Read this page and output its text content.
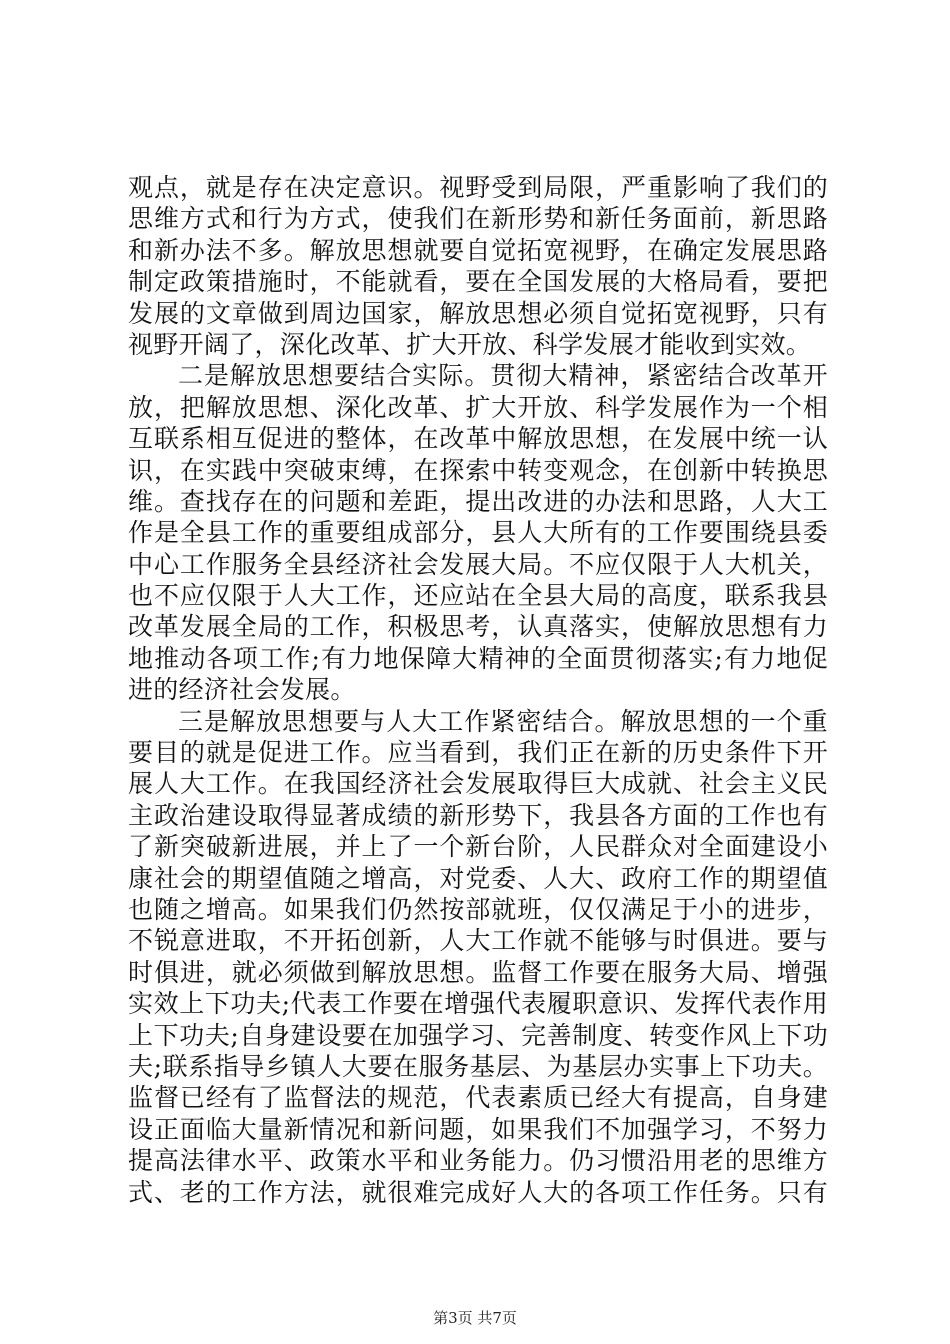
观点，就是存在决定意识。视野受到局限，严重影响了我们的
思维方式和行为方式，使我们在新形势和新任务面前，新思路
和新办法不多。解放思想就要自觉拓宽视野，在确定发展思路
制定政策措施时，不能就看，要在全国发展的大格局看，要把
发展的文章做到周边国家，解放思想必须自觉拓宽视野，只有
视野开阔了，深化改革、扩大开放、科学发展才能收到实效。
二是解放思想要结合实际。贯彻大精神，紧密结合改革开
放，把解放思想、深化改革、扩大开放、科学发展作为一个相
互联系相互促进的整体，在改革中解放思想，在发展中统一认
识，在实践中突破束缚，在探索中转变观念，在创新中转换思
维。查找存在的问题和差距，提出改进的办法和思路，人大工
作是全县工作的重要组成部分，县人大所有的工作要围绕县委
中心工作服务全县经济社会发展大局。不应仅限于人大机关，
也不应仅限于人大工作，还应站在全县大局的高度，联系我县
改革发展全局的工作，积极思考，认真落实，使解放思想有力
地推动各项工作;有力地保障大精神的全面贯彻落实;有力地促
进的经济社会发展。
三是解放思想要与人大工作紧密结合。解放思想的一个重
要目的就是促进工作。应当看到，我们正在新的历史条件下开
展人大工作。在我国经济社会发展取得巨大成就、社会主义民
主政治建设取得显著成绩的新形势下，我县各方面的工作也有
了新突破新进展，并上了一个新台阶，人民群众对全面建设小
康社会的期望值随之增高，对党委、人大、政府工作的期望值
也随之增高。如果我们仍然按部就班，仅仅满足于小的进步，
不锐意进取，不开拓创新，人大工作就不能够与时俱进。要与
时俱进，就必须做到解放思想。监督工作要在服务大局、增强
实效上下功夫;代表工作要在增强代表履职意识、发挥代表作用
上下功夫;自身建设要在加强学习、完善制度、转变作风上下功
夫;联系指导乡镇人大要在服务基层、为基层办实事上下功夫。
监督已经有了监督法的规范，代表素质已经大有提高，自身建
设正面临大量新情况和新问题，如果我们不加强学习，不努力
提高法律水平、政策水平和业务能力。仍习惯沿用老的思维方
式、老的工作方法，就很难完成好人大的各项工作任务。只有
第3页 共7页
